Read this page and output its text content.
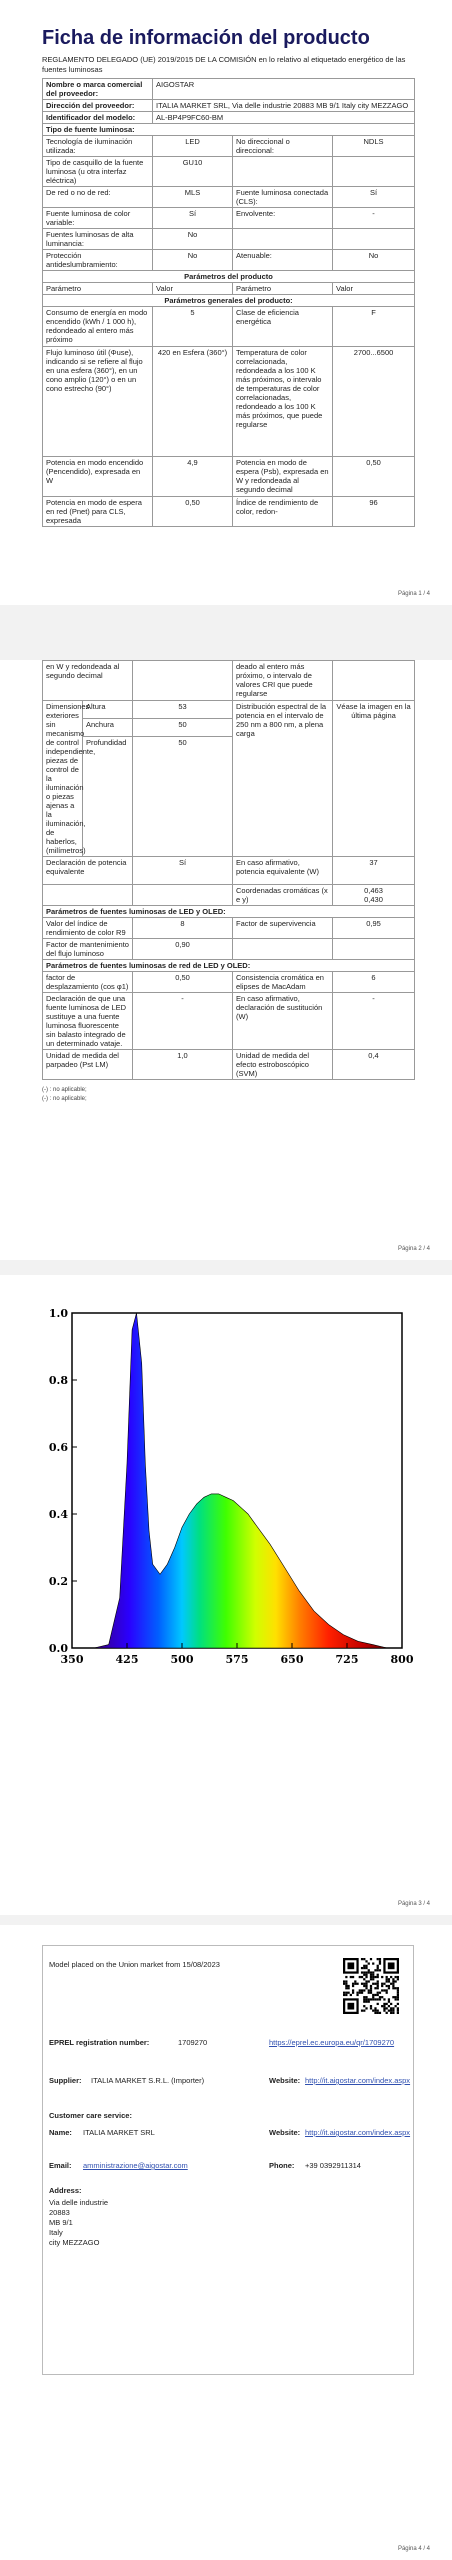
Ficha de información del producto
REGLAMENTO DELEGADO (UE) 2019/2015 DE LA COMISIÓN en lo relativo al etiquetado energético de las fuentes luminosas
Nombre o marca comercial del proveedor:	AIGOSTAR		
Dirección del proveedor:	ITALIA MARKET SRL, Via delle industrie 20883 MB 9/1 Italy city MEZZAGO		
Identificador del modelo:	AL-BP4P9FC60-BM		
Tipo de fuente luminosa:			
Tecnología de iluminación utilizada:	LED	No direccional o direccional:	NDLS
Tipo de casquillo de la fuente luminosa (u otra interfaz eléctrica)	GU10		
De red o no de red:	MLS	Fuente luminosa conectada (CLS):	Sí
Fuente luminosa de color variable:	Sí	Envolvente:	-
Fuentes luminosas de alta luminancia:	No		
Protección antideslumbramiento:	No	Atenuable:	No
Parámetros del producto			
Parámetro	Valor	Parámetro	Valor
Parámetros generales del producto:			
Consumo de energía en modo encendido (kWh / 1 000 h), redondeado al entero más próximo	5	Clase de eficiencia energética	F
Flujo luminoso útil (Φuse), indicando si se refiere al flujo en una esfera (360°), en un cono amplio (120°) o en un cono estrecho (90°)	420 en Esfera (360°)	Temperatura de color correlacionada, redondeada a los 100 K más próximos, o intervalo de temperaturas de color correlacionadas, redondeado a los 100 K más próximos, que puede regularse	2700...6500
Potencia en modo encendido (Pencendido), expresada en W	4,9	Potencia en modo de espera (Psb), expresada en W y redondeada al segundo decimal	0,50
Potencia en modo de espera en red (Pnet) para CLS, expresada	0,50	Índice de rendimiento de color, redon-	96
Página 1 / 4
en W y redondeada al segundo decimal			deado al entero más próximo, o intervalo de valores CRI que puede regularse	
Dimensiones exteriores sin mecanismo de control independiente, piezas de control de la iluminación o piezas ajenas a la iluminación, de haberlos, (milímetros)	Altura	53	Distribución espectral de la potencia en el intervalo de 250 nm a 800 nm, a plena carga	Véase la imagen en la última página
	Anchura	50		
	Profundidad	50		
Declaración de potencia equivalente		Sí	En caso afirmativo, potencia equivalente (W)	37
			Coordenadas cromáticas (x e y)	0,463
0,430
Parámetros de fuentes luminosas de LED y OLED:				
Valor del índice de rendimiento de color R9		8	Factor de supervivencia	0,95
Factor de mantenimiento del flujo luminoso		0,90		
Parámetros de fuentes luminosas de red de LED y OLED:				
factor de desplazamiento (cos φ1)		0,50	Consistencia cromática en elipses de MacAdam	6
Declaración de que una fuente luminosa de LED sustituye a una fuente luminosa fluorescente sin balasto integrado de un determinado vataje.		-	En caso afirmativo, declaración de sustitución (W)	-
Unidad de medida del parpadeo (Pst LM)		1,0	Unidad de medida del efecto estroboscópico (SVM)	0,4
(-) : no aplicable;
(-) : no aplicable;
Página 2 / 4
0.0
0.2
0.4
0.6
0.8
1.0
350	425	500	575	650	725	800
Página 3 / 4
Model placed on the Union market from 15/08/2023
EPREL registration number:	1709270	https://eprel.ec.europa.eu/qr/1709270
Supplier: ITALIA MARKET S.R.L. (Importer)	Website: http://it.aigostar.com/index.aspx
Customer care service:
Name: ITALIA MARKET SRL	Website: http://it.aigostar.com/index.aspx
Email: amministrazione@aigostar.com	Phone: +39 0392911314
Address:
Via delle industrie
20883
MB 9/1
Italy
city MEZZAGO
Página 4 / 4
